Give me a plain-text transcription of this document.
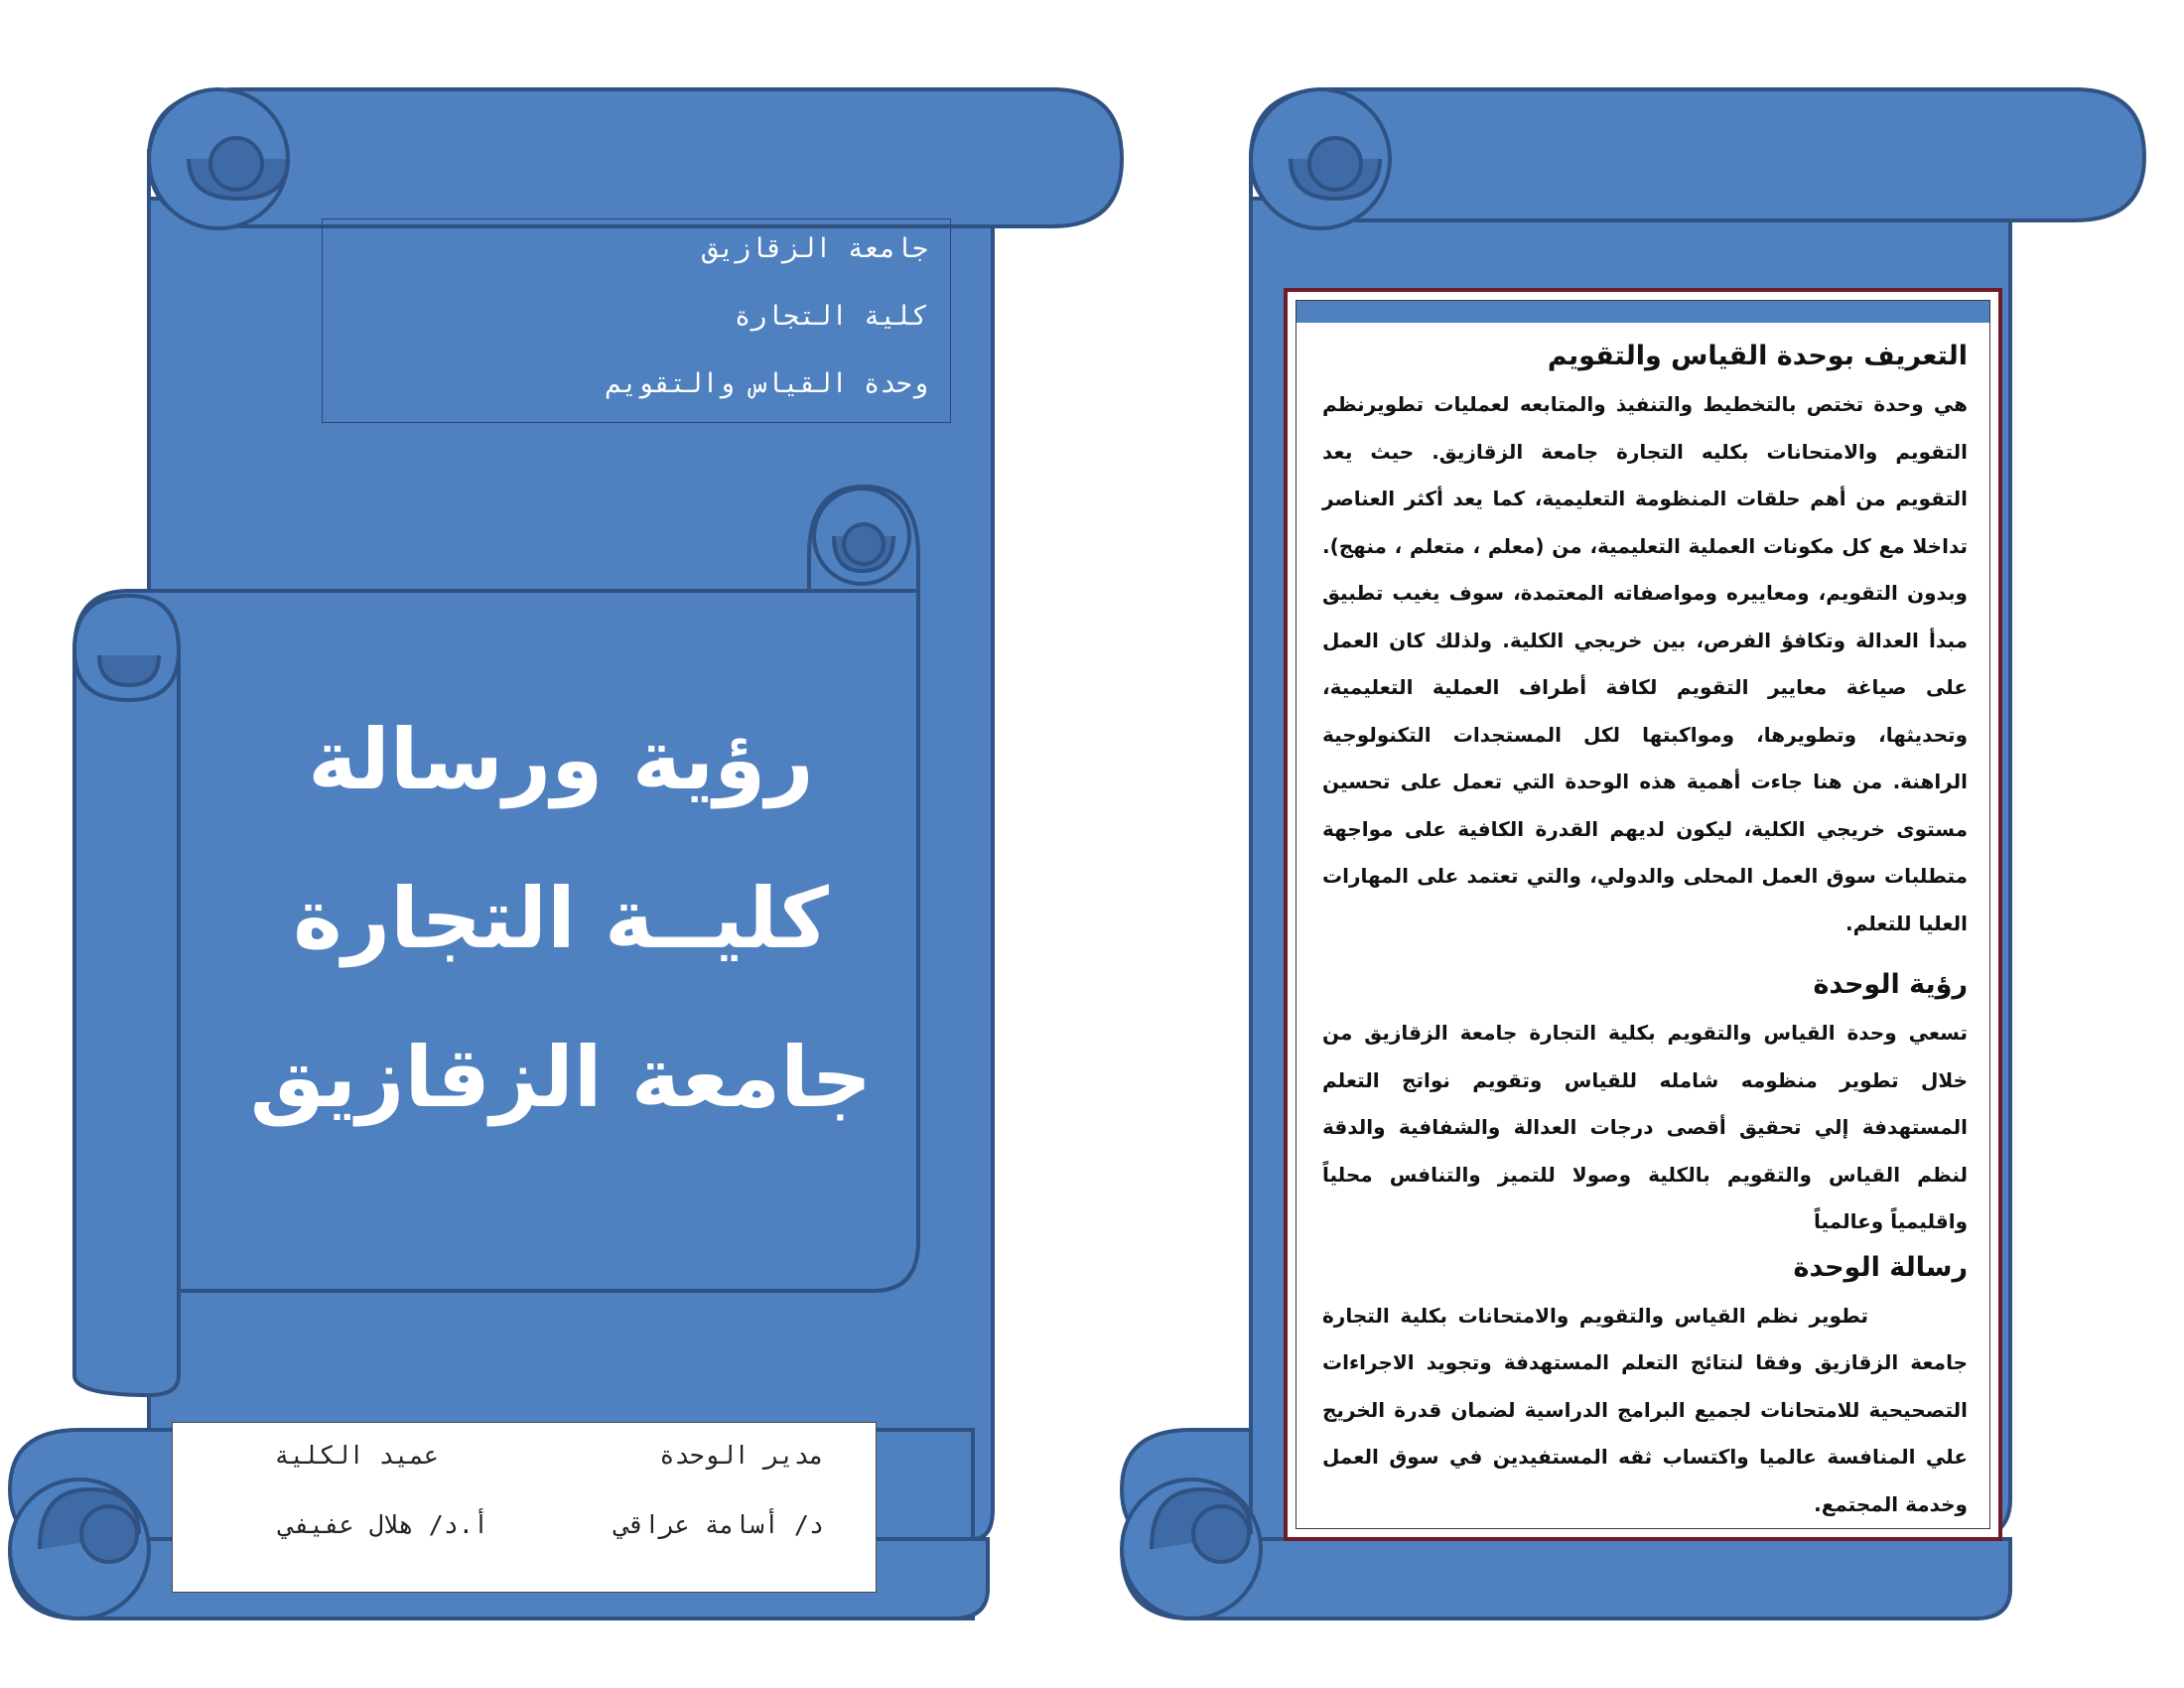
جامعة الزقازيق
كلية التجارة
وحدة القياس والتقويم

رؤية ورسالة

كليــة التجارة

جامعة الزقازيق

مدير الوحدة
د/ أسامة عراقي
عميد الكلية
أ.د/ هلال عفيفي
التعريف بوحدة القياس والتقويم

هي وحدة تختص بالتخطيط والتنفيذ والمتابعه لعمليات تطويرنظم التقويم والامتحانات بكليه التجارة جامعة الزقازيق. حيث يعد التقويم من أهم حلقات المنظومة التعليمية، كما يعد أكثر العناصر تداخلا مع كل مكونات العملية التعليمية، من (معلم ، متعلم ، منهج). وبدون التقويم، ومعاييره ومواصفاته المعتمدة، سوف يغيب تطبيق مبدأ العدالة وتكافؤ الفرص، بين خريجي الكلية. ولذلك كان العمل على صياغة معايير التقويم لكافة أطراف العملية التعليمية، وتحديثها، وتطويرها، ومواكبتها لكل المستجدات التكنولوجية الراهنة. من هنا جاءت أهمية هذه الوحدة التي تعمل على تحسين مستوى خريجي الكلية، ليكون لديهم القدرة الكافية على مواجهة متطلبات سوق العمل المحلى والدولي، والتي تعتمد على المهارات العليا للتعلم.

رؤية الوحدة

تسعي وحدة القياس والتقويم بكلية التجارة جامعة الزقازيق من خلال تطوير منظومه شامله للقياس وتقويم نواتج التعلم المستهدفة إلي تحقيق أقصى درجات العدالة والشفافية والدقة لنظم القياس والتقويم بالكلية وصولا للتميز والتنافس محلياً واقليمياً وعالمياً

رسالة الوحدة

تطوير نظم القياس والتقويم والامتحانات بكلية التجارة جامعة الزقازيق وفقا لنتائج التعلم المستهدفة وتجويد الاجراءات التصحيحية للامتحانات لجميع البرامج الدراسية لضمان قدرة الخريج علي المنافسة عالميا واكتساب ثقه المستفيدين في سوق العمل وخدمة المجتمع.
